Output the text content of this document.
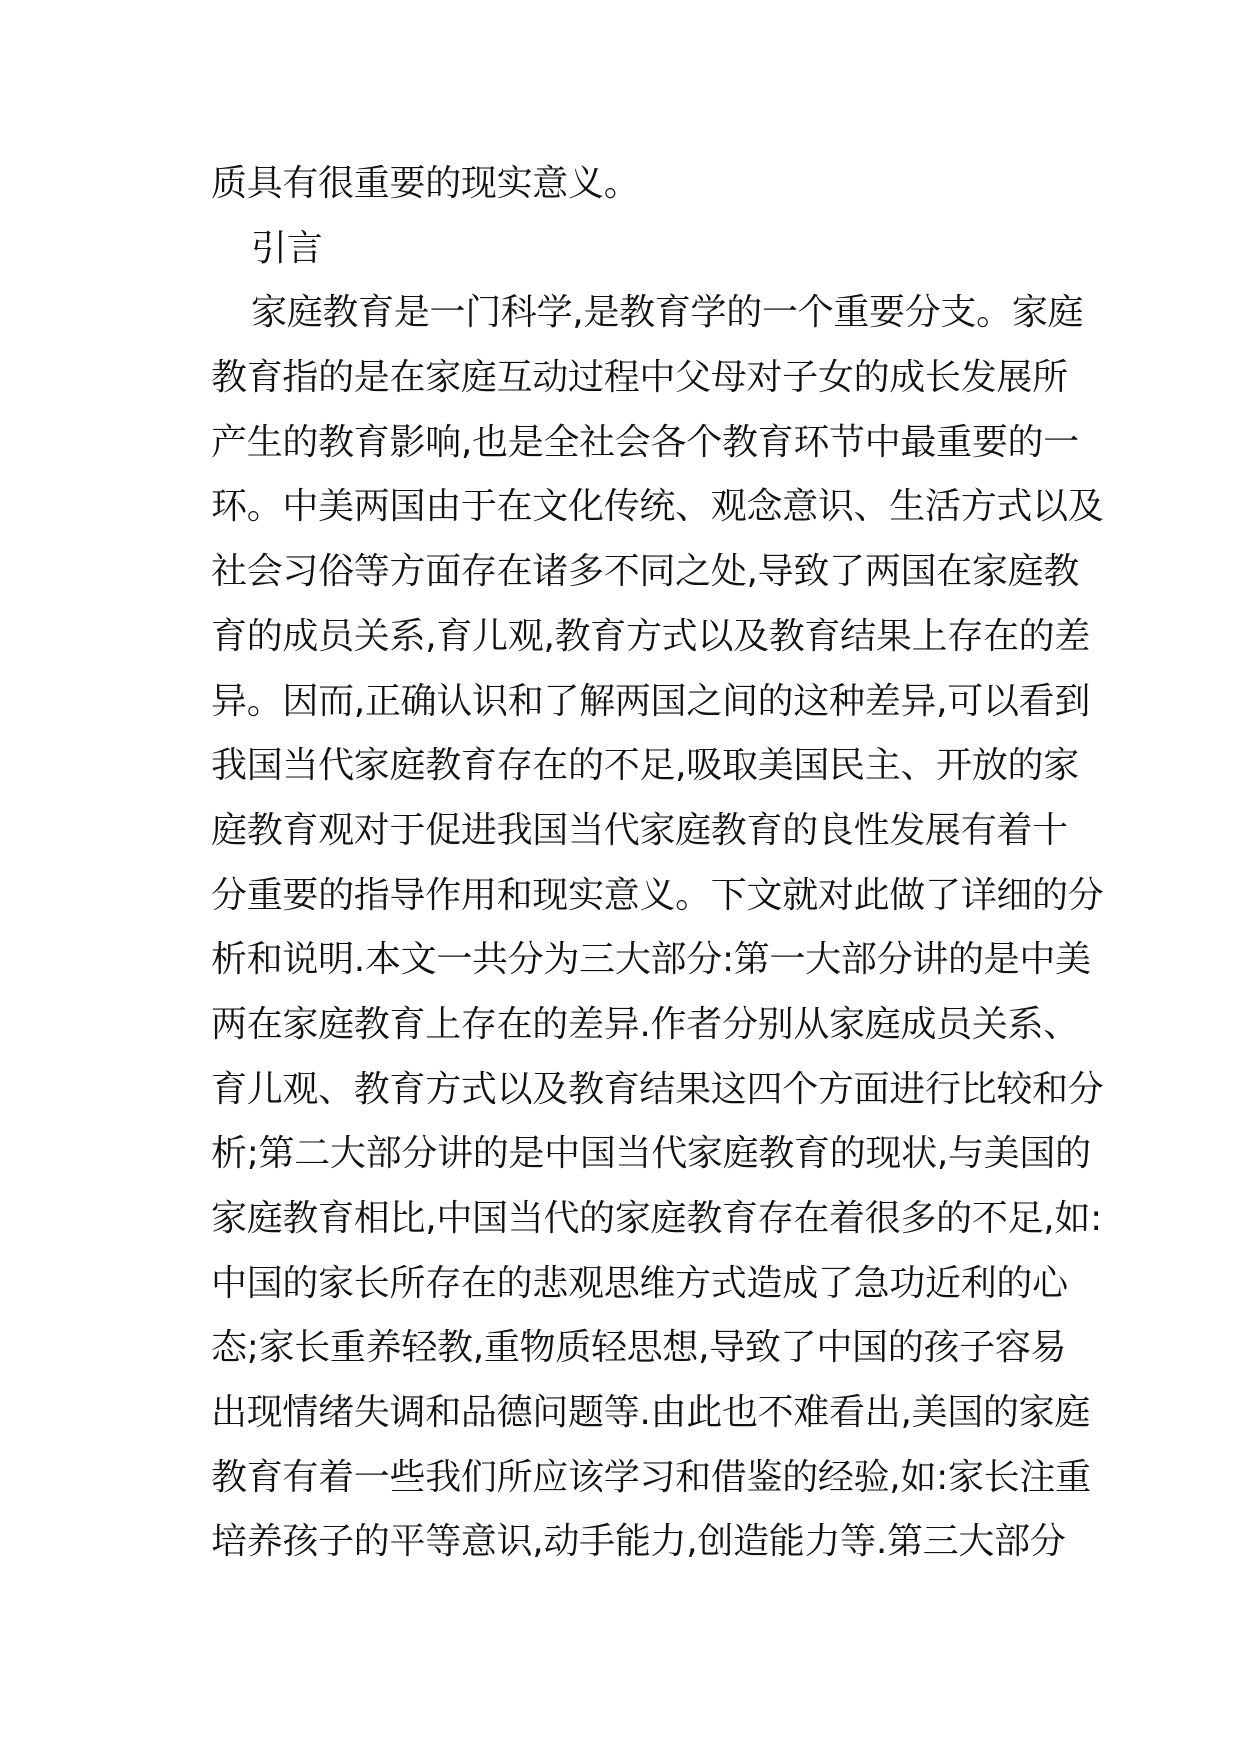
质具有很重要的现实意义。
引言
家庭教育是一门科学,是教育学的一个重要分支。家庭
教育指的是在家庭互动过程中父母对子女的成长发展所
产生的教育影响,也是全社会各个教育环节中最重要的一
环。中美两国由于在文化传统、观念意识、生活方式以及
社会习俗等方面存在诸多不同之处,导致了两国在家庭教
育的成员关系,育儿观,教育方式以及教育结果上存在的差
异。因而,正确认识和了解两国之间的这种差异,可以看到
我国当代家庭教育存在的不足,吸取美国民主、开放的家
庭教育观对于促进我国当代家庭教育的良性发展有着十
分重要的指导作用和现实意义。下文就对此做了详细的分
析和说明.本文一共分为三大部分:第一大部分讲的是中美
两在家庭教育上存在的差异.作者分别从家庭成员关系、
育儿观、教育方式以及教育结果这四个方面进行比较和分
析;第二大部分讲的是中国当代家庭教育的现状,与美国的
家庭教育相比,中国当代的家庭教育存在着很多的不足,如:
中国的家长所存在的悲观思维方式造成了急功近利的心
态;家长重养轻教,重物质轻思想,导致了中国的孩子容易
出现情绪失调和品德问题等.由此也不难看出,美国的家庭
教育有着一些我们所应该学习和借鉴的经验,如:家长注重
培养孩子的平等意识,动手能力,创造能力等.第三大部分
